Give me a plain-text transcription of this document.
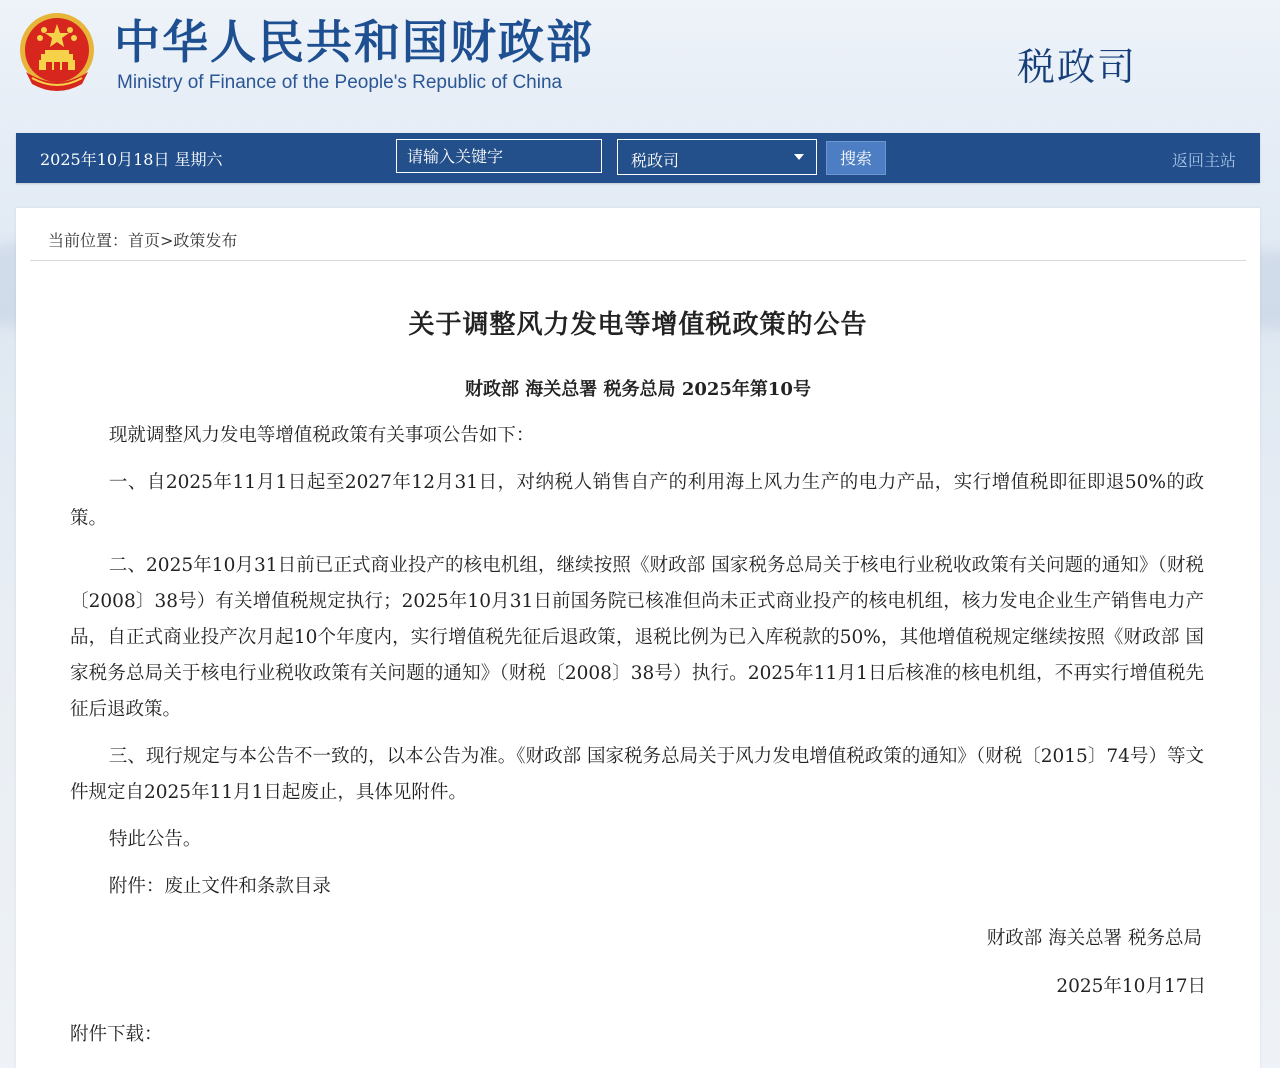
中华人民共和国财政部
Ministry of Finance of the People's Republic of China	税政司
2025年10月18日 星期六
请输入关键字	税政司	搜索	返回主站
当前位置：首页>政策发布
关于调整风力发电等增值税政策的公告
财政部 海关总署 税务总局 2025年第10号

现就调整风力发电等增值税政策有关事项公告如下：

一、自2025年11月1日起至2027年12月31日，对纳税人销售自产的利用海上风力生产的电力产品，实行增值税即征即退50%的政策。

二、2025年10月31日前已正式商业投产的核电机组，继续按照《财政部 国家税务总局关于核电行业税收政策有关问题的通知》（财税〔2008〕38号）有关增值税规定执行；2025年10月31日前国务院已核准但尚未正式商业投产的核电机组，核力发电企业生产销售电力产品，自正式商业投产次月起10个年度内，实行增值税先征后退政策，退税比例为已入库税款的50%，其他增值税规定继续按照《财政部 国家税务总局关于核电行业税收政策有关问题的通知》（财税〔2008〕38号）执行。2025年11月1日后核准的核电机组，不再实行增值税先征后退政策。

三、现行规定与本公告不一致的，以本公告为准。《财政部 国家税务总局关于风力发电增值税政策的通知》（财税〔2015〕74号）等文件规定自2025年11月1日起废止，具体见附件。

特此公告。

附件：废止文件和条款目录

财政部 海关总署 税务总局
2025年10月17日
附件下载：
